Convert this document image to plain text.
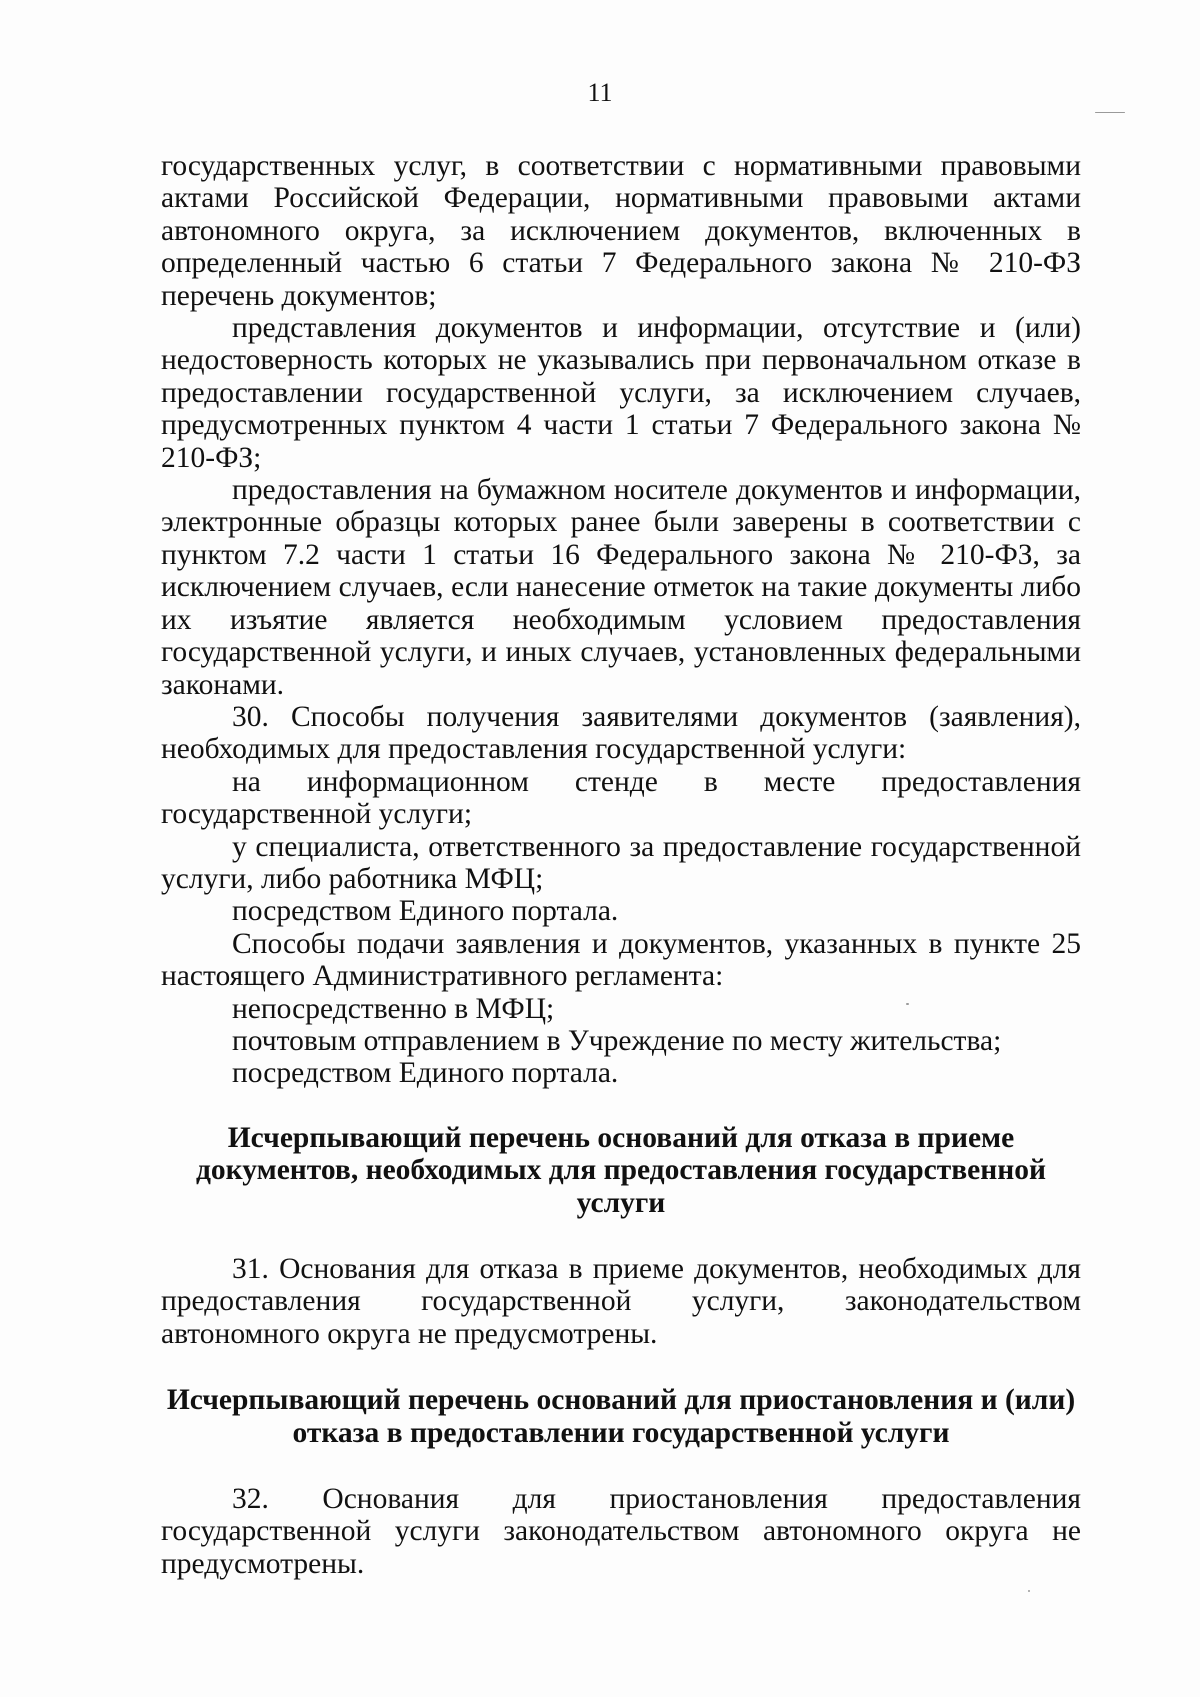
11

государственных услуг, в соответствии с нормативными правовыми актами Российской Федерации, нормативными правовыми актами автономного округа, за исключением документов, включенных в определенный частью 6 статьи 7 Федерального закона № 210-ФЗ перечень документов;

представления документов и информации, отсутствие и (или) недостоверность которых не указывались при первоначальном отказе в предоставлении государственной услуги, за исключением случаев, предусмотренных пунктом 4 части 1 статьи 7 Федерального закона № 210-ФЗ;

предоставления на бумажном носителе документов и информации, электронные образцы которых ранее были заверены в соответствии с пунктом 7.2 части 1 статьи 16 Федерального закона № 210-ФЗ, за исключением случаев, если нанесение отметок на такие документы либо их изъятие является необходимым условием предоставления государственной услуги, и иных случаев, установленных федеральными законами.

30. Способы получения заявителями документов (заявления), необходимых для предоставления государственной услуги:

на информационном стенде в месте предоставления государственной услуги;

у специалиста, ответственного за предоставление государственной услуги, либо работника МФЦ;

посредством Единого портала.

Способы подачи заявления и документов, указанных в пункте 25 настоящего Административного регламента:

непосредственно в МФЦ;

почтовым отправлением в Учреждение по месту жительства;

посредством Единого портала.

Исчерпывающий перечень оснований для отказа в приеме
документов, необходимых для предоставления государственной услуги

31. Основания для отказа в приеме документов, необходимых для предоставления государственной услуги, законодательством автономного округа не предусмотрены.

Исчерпывающий перечень оснований для приостановления и (или)
отказа в предоставлении государственной услуги

32. Основания для приостановления предоставления государственной услуги законодательством автономного округа не предусмотрены.
